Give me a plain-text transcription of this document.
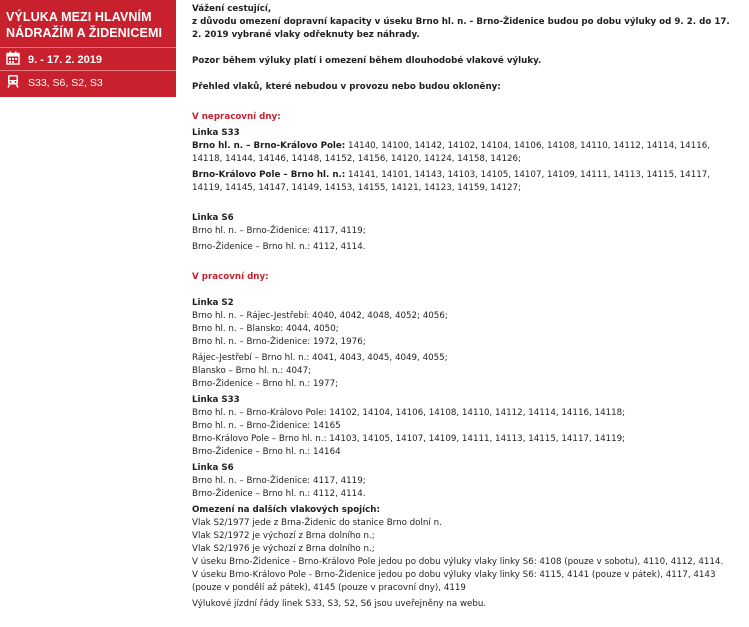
VÝLUKA MEZI HLAVNÍM
NÁDRAŽÍM A ŽIDENICEMI
9. - 17. 2. 2019
S33, S6, S2, S3

Vážení cestující,

z důvodu omezení dopravní kapacity v úseku Brno hl. n. - Brno-Židenice budou po dobu výluky od 9. 2. do 17. 2. 2019 vybrané vlaky odřeknuty bez náhrady.

Pozor během výluky platí i omezení během dlouhodobé vlakové výluky.

Přehled vlaků, které nebudou v provozu nebo budou okloněny:

V nepracovní dny:

Linka S33

Brno hl. n. – Brno-Královo Pole: 14140, 14100, 14142, 14102, 14104, 14106, 14108, 14110, 14112, 14114, 14116, 14118, 14144, 14146, 14148, 14152, 14156, 14120, 14124, 14158, 14126;

Brno-Královo Pole – Brno hl. n.: 14141, 14101, 14143, 14103, 14105, 14107, 14109, 14111, 14113, 14115, 14117, 14119, 14145, 14147, 14149, 14153, 14155, 14121, 14123, 14159, 14127;

Linka S6

Brno hl. n. – Brno-Židenice: 4117, 4119;

Brno-Židenice – Brno hl. n.: 4112, 4114.

V pracovní dny:

Linka S2

Brno hl. n. – Rájec-Jestřebí: 4040, 4042, 4048, 4052; 4056;

Brno hl. n. – Blansko: 4044, 4050;

Brno hl. n. – Brno-Židenice: 1972, 1976;

Rájec-Jestřebí – Brno hl. n.: 4041, 4043, 4045, 4049, 4055;

Blansko – Brno hl. n.: 4047;

Brno-Židenice – Brno hl. n.: 1977;

Linka S33

Brno hl. n. – Brno-Královo Pole: 14102, 14104, 14106, 14108, 14110, 14112, 14114, 14116, 14118;

Brno hl. n. – Brno-Židenice: 14165

Brno-Královo Pole – Brno hl. n.: 14103, 14105, 14107, 14109, 14111, 14113, 14115, 14117, 14119;

Brno-Židenice – Brno hl. n.: 14164

Linka S6

Brno hl. n. – Brno-Židenice: 4117, 4119;

Brno-Židenice – Brno hl. n.: 4112, 4114.

Omezení na dalších vlakových spojích:

Vlak S2/1977 jede z Brna-Židenic do stanice Brno dolní n.

Vlak S2/1972 je výchozí z Brna dolního n.;

Vlak S2/1976 je výchozí z Brna dolního n.;

V úseku Brno-Židenice - Brno-Královo Pole jedou po dobu výluky vlaky linky S6: 4108 (pouze v sobotu), 4110, 4112, 4114.

V úseku Brno-Královo Pole - Brno-Židenice jedou po dobu výluky vlaky linky S6: 4115, 4141 (pouze v pátek), 4117, 4143 (pouze v pondělí až pátek), 4145 (pouze v pracovní dny), 4119

Výlukové jízdní řády linek S33, S3, S2, S6 jsou uveřejněny na webu.
